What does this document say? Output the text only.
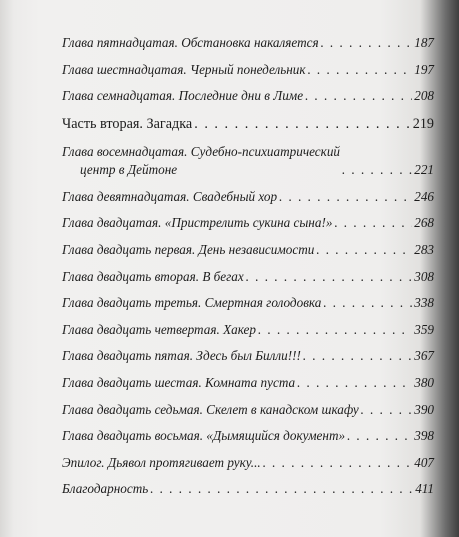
Глава пятнадцатая. Обстановка накаляется . . .	187
Глава шестнадцатая. Черный понедельник . . .	197
Глава семнадцатая. Последние дни в Лиме . . .	208
Часть вторая. Загадка . . .	219
Глава восемнадцатая. Судебно-психиатрический
центр в Дейтоне . . .	221
Глава девятнадцатая. Свадебный хор . . .	246
Глава двадцатая. «Пристрелить сукина сына!» . . .	268
Глава двадцать первая. День независимости . . .	283
Глава двадцать вторая. В бегах . . .	308
Глава двадцать третья. Смертная голодовка . . .	338
Глава двадцать четвертая. Хакер . . .	359
Глава двадцать пятая. Здесь был Билли!!! . . .	367
Глава двадцать шестая. Комната пуста . . .	380
Глава двадцать седьмая. Скелет в канадском шкафу . . .	390
Глава двадцать восьмая. «Дымящийся документ» . . .	398
Эпилог. Дьявол протягивает руку... . . .	407
Благодарность . . .	411
